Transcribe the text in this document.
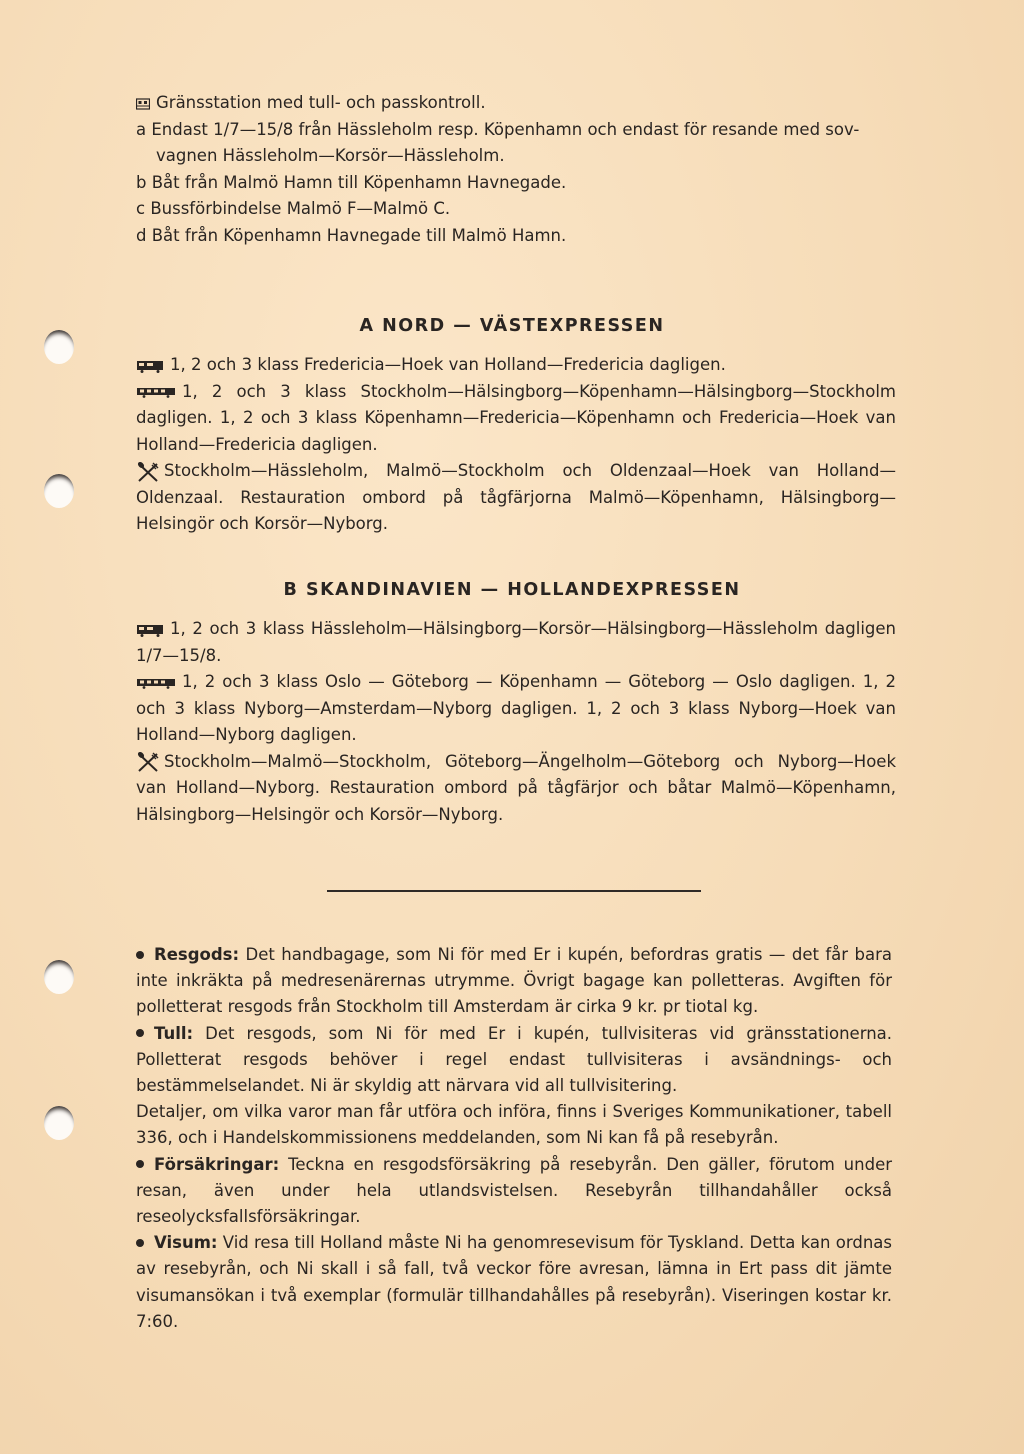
Gränsstation med tull- och passkontroll.
a Endast 1/7—15/8 från Hässleholm resp. Köpenhamn och endast för resande med sov-
vagnen Hässleholm—Korsör—Hässleholm.
b Båt från Malmö Hamn till Köpenhamn Havnegade.
c Bussförbindelse Malmö F—Malmö C.
d Båt från Köpenhamn Havnegade till Malmö Hamn.
A NORD — VÄSTEXPRESSEN
1, 2 och 3 klass Fredericia—Hoek van Holland—Fredericia dagligen.
1, 2 och 3 klass Stockholm—Hälsingborg—Köpenhamn—Hälsingborg—Stockholm dagligen. 1, 2 och 3 klass Köpenhamn—Fredericia—Köpenhamn och Fredericia—Hoek van Holland—Fredericia dagligen.
Stockholm—Hässleholm, Malmö—Stockholm och Oldenzaal—Hoek van Holland—Oldenzaal. Restauration ombord på tågfärjorna Malmö—Köpenhamn, Hälsingborg—Helsingör och Korsör—Nyborg.
B SKANDINAVIEN — HOLLANDEXPRESSEN
1, 2 och 3 klass Hässleholm—Hälsingborg—Korsör—Hälsingborg—Hässleholm dagligen 1/7—15/8.
1, 2 och 3 klass Oslo — Göteborg — Köpenhamn — Göteborg — Oslo dagligen. 1, 2 och 3 klass Nyborg—Amsterdam—Nyborg dagligen. 1, 2 och 3 klass Nyborg—Hoek van Holland—Nyborg dagligen.
Stockholm—Malmö—Stockholm, Göteborg—Ängelholm—Göteborg och Nyborg—Hoek van Holland—Nyborg. Restauration ombord på tågfärjor och båtar Malmö—Köpenhamn, Hälsingborg—Helsingör och Korsör—Nyborg.
Resgods: Det handbagage, som Ni för med Er i kupén, befordras gratis — det får bara inte inkräkta på medresenärernas utrymme. Övrigt bagage kan polletteras. Avgiften för polletterat resgods från Stockholm till Amsterdam är cirka 9 kr. pr tiotal kg.
Tull: Det resgods, som Ni för med Er i kupén, tullvisiteras vid gränsstationerna. Polletterat resgods behöver i regel endast tullvisiteras i avsändnings- och bestämmelselandet. Ni är skyldig att närvara vid all tullvisitering.
Detaljer, om vilka varor man får utföra och införa, finns i Sveriges Kommunikationer, tabell 336, och i Handelskommissionens meddelanden, som Ni kan få på resebyrån.
Försäkringar: Teckna en resgodsförsäkring på resebyrån. Den gäller, förutom under resan, även under hela utlandsvistelsen. Resebyrån tillhandahåller också reseolycksfallsförsäkringar.
Visum: Vid resa till Holland måste Ni ha genomresevisum för Tyskland. Detta kan ordnas av resebyrån, och Ni skall i så fall, två veckor före avresan, lämna in Ert pass dit jämte visumansökan i två exemplar (formulär tillhandahålles på resebyrån). Viseringen kostar kr. 7:60.
